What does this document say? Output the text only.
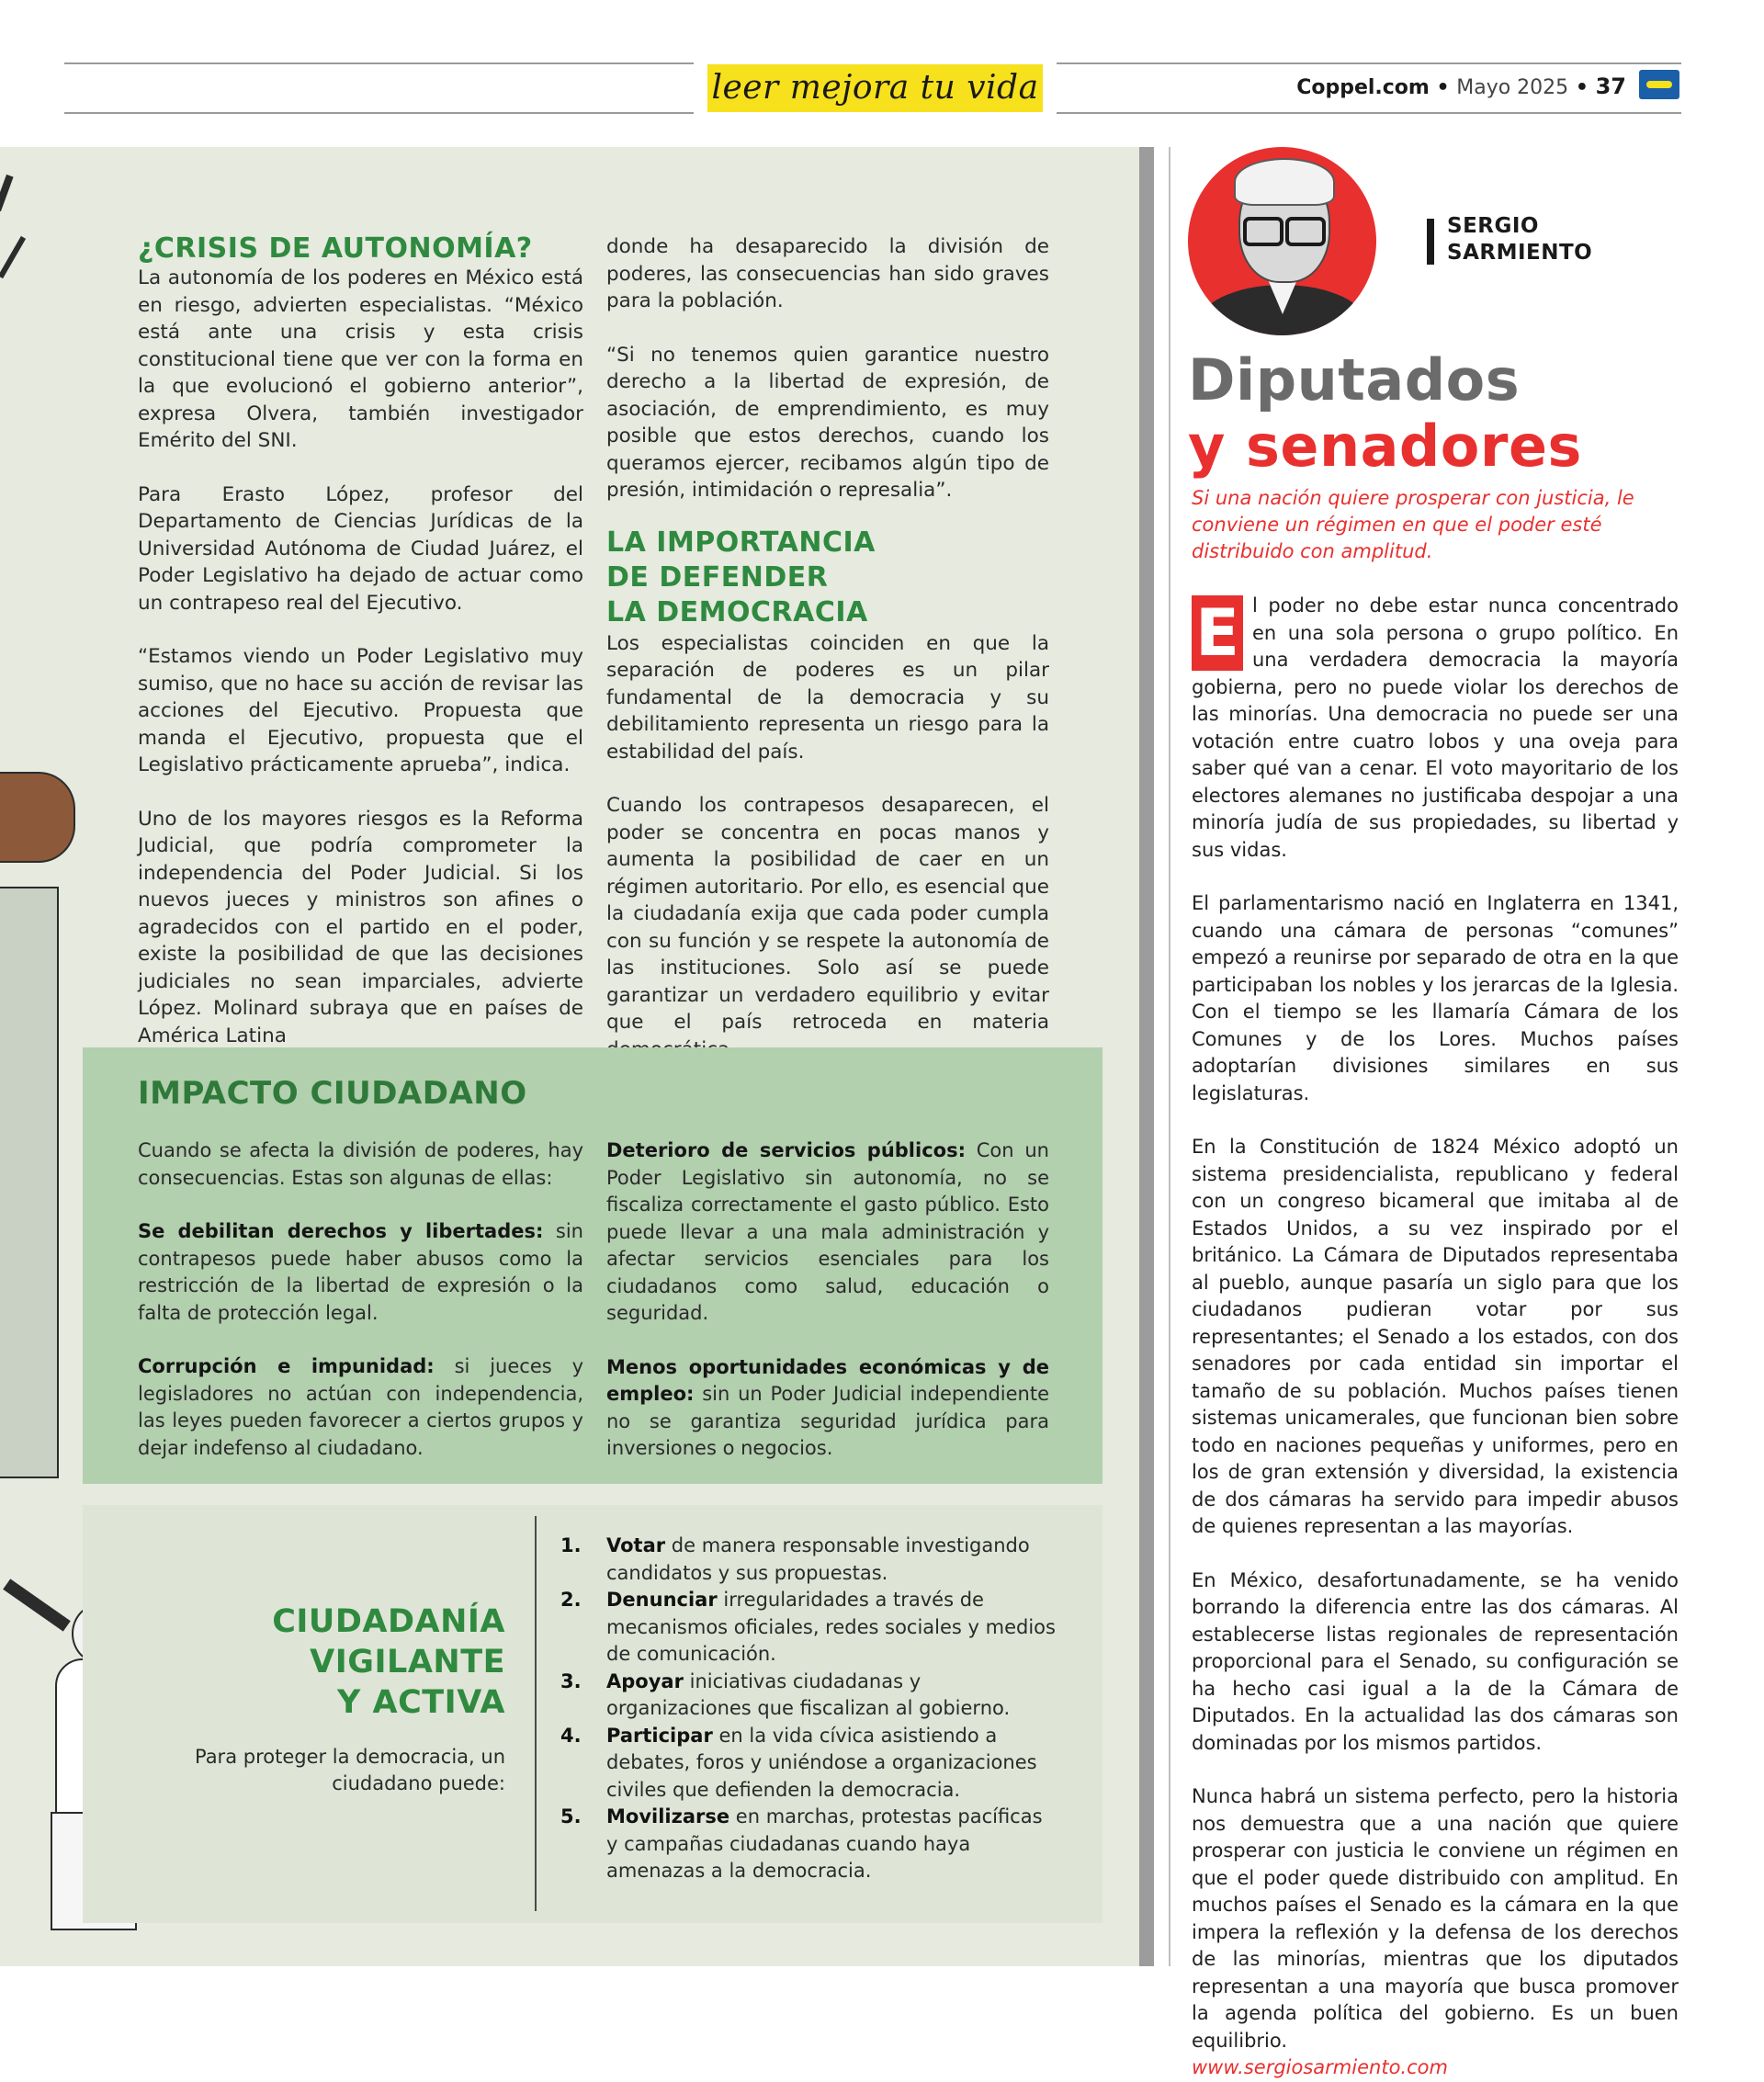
leer mejora tu vida	Coppel.com • Mayo 2025 • 37
¿CRISIS DE AUTONOMÍA?

La autonomía de los poderes en México está en riesgo, advierten especialistas. “México está ante una crisis y esta crisis constitucional tiene que ver con la forma en la que evolucionó el gobierno anterior”, expresa Olvera, también investigador Emérito del SNI.

Para Erasto López, profesor del Departamento de Ciencias Jurídicas de la Universidad Autónoma de Ciudad Juárez, el Poder Legislativo ha dejado de actuar como un contrapeso real del Ejecutivo.

“Estamos viendo un Poder Legislativo muy sumiso, que no hace su acción de revisar las acciones del Ejecutivo. Propuesta que manda el Ejecutivo, propuesta que el Legislativo prácticamente aprueba”, indica.

Uno de los mayores riesgos es la Reforma Judicial, que podría comprometer la independencia del Poder Judicial. Si los nuevos jueces y ministros son afines o agradecidos con el partido en el poder, existe la posibilidad de que las decisiones judiciales no sean imparciales, advierte López. Molinard subraya que en países de América Latina

donde ha desaparecido la división de poderes, las consecuencias han sido graves para la población.

“Si no tenemos quien garantice nuestro derecho a la libertad de expresión, de asociación, de emprendimiento, es muy posible que estos derechos, cuando los queramos ejercer, recibamos algún tipo de presión, intimidación o represalia”.

LA IMPORTANCIA
DE DEFENDER
LA DEMOCRACIA

Los especialistas coinciden en que la separación de poderes es un pilar fundamental de la democracia y su debilitamiento representa un riesgo para la estabilidad del país.

Cuando los contrapesos desaparecen, el poder se concentra en pocas manos y aumenta la posibilidad de caer en un régimen autoritario. Por ello, es esencial que la ciudadanía exija que cada poder cumpla con su función y se respete la autonomía de las instituciones. Solo así se puede garantizar un verdadero equilibrio y evitar que el país retroceda en materia

IMPACTO CIUDADANO

Cuando se afecta la división de poderes, hay consecuencias. Estas son algunas de ellas:

Se debilitan derechos y libertades: sin contrapesos puede haber abusos como la restricción de la libertad de expresión o la falta de protección legal.

Corrupción e impunidad: si jueces y legisladores no actúan con independencia, las leyes pueden favorecer a ciertos grupos y dejar indefenso al ciudadano.

Deterioro de servicios públicos: Con un Poder Legislativo sin autonomía, no se fiscaliza correctamente el gasto público. Esto puede llevar a una mala administración y afectar servicios esenciales para los ciudadanos como salud, educación o seguridad.

Menos oportunidades económicas y de empleo: sin un Poder Judicial independiente no se garantiza seguridad jurídica para inversiones o negocios.

CIUDADANÍA
VIGILANTE
Y ACTIVA
Para proteger la democracia, un ciudadano puede:
1. Votar de manera responsable investigando candidatos y sus propuestas.
2. Denunciar irregularidades a través de mecanismos oficiales, redes sociales y medios de comunicación.
3. Apoyar iniciativas ciudadanas y organizaciones que fiscalizan al gobierno.
4. Participar en la vida cívica asistiendo a debates, foros y uniéndose a organizaciones civiles que defienden la democracia.
5. Movilizarse en marchas, protestas pacíficas y campañas ciudadanas cuando haya amenazas a la democracia.
SERGIO
SARMIENTO
Diputados
y senadores
Si una nación quiere prosperar con justicia, le conviene un régimen en que el poder esté distribuido con amplitud.

E l poder no debe estar nunca concentrado en una sola persona o grupo político. En una verdadera democracia la mayoría gobierna, pero no puede violar los derechos de las minorías. Una democracia no puede ser una votación entre cuatro lobos y una oveja para saber qué van a cenar. El voto mayoritario de los electores alemanes no justificaba despojar a una minoría judía de sus propiedades, su libertad y sus vidas.

El parlamentarismo nació en Inglaterra en 1341, cuando una cámara de personas “comunes” empezó a reunirse por separado de otra en la que participaban los nobles y los jerarcas de la Iglesia. Con el tiempo se les llamaría Cámara de los Comunes y de los Lores. Muchos países adoptarían divisiones similares en sus legislaturas.

En la Constitución de 1824 México adoptó un sistema presidencialista, republicano y federal con un congreso bicameral que imitaba al de Estados Unidos, a su vez inspirado por el británico. La Cámara de Diputados representaba al pueblo, aunque pasaría un siglo para que los ciudadanos pudieran votar por sus representantes; el Senado a los estados, con dos senadores por cada entidad sin importar el tamaño de su población. Muchos países tienen sistemas unicamerales, que funcionan bien sobre todo en naciones pequeñas y uniformes, pero en los de gran extensión y diversidad, la existencia de dos cámaras ha servido para impedir abusos de quienes representan a las mayorías.

En México, desafortunadamente, se ha venido borrando la diferencia entre las dos cámaras. Al establecerse listas regionales de representación proporcional para el Senado, su configuración se ha hecho casi igual a la de la Cámara de Diputados. En la actualidad las dos cámaras son dominadas por los mismos partidos.

Nunca habrá un sistema perfecto, pero la historia nos demuestra que a una nación que quiere prosperar con justicia le conviene un régimen en que el poder quede distribuido con amplitud. En muchos países el Senado es la cámara en la que impera la reflexión y la defensa de los derechos de las minorías, mientras que los diputados representan a una mayoría que busca promover la agenda política del gobierno. Es un buen equilibrio.
www.sergiosarmiento.com
